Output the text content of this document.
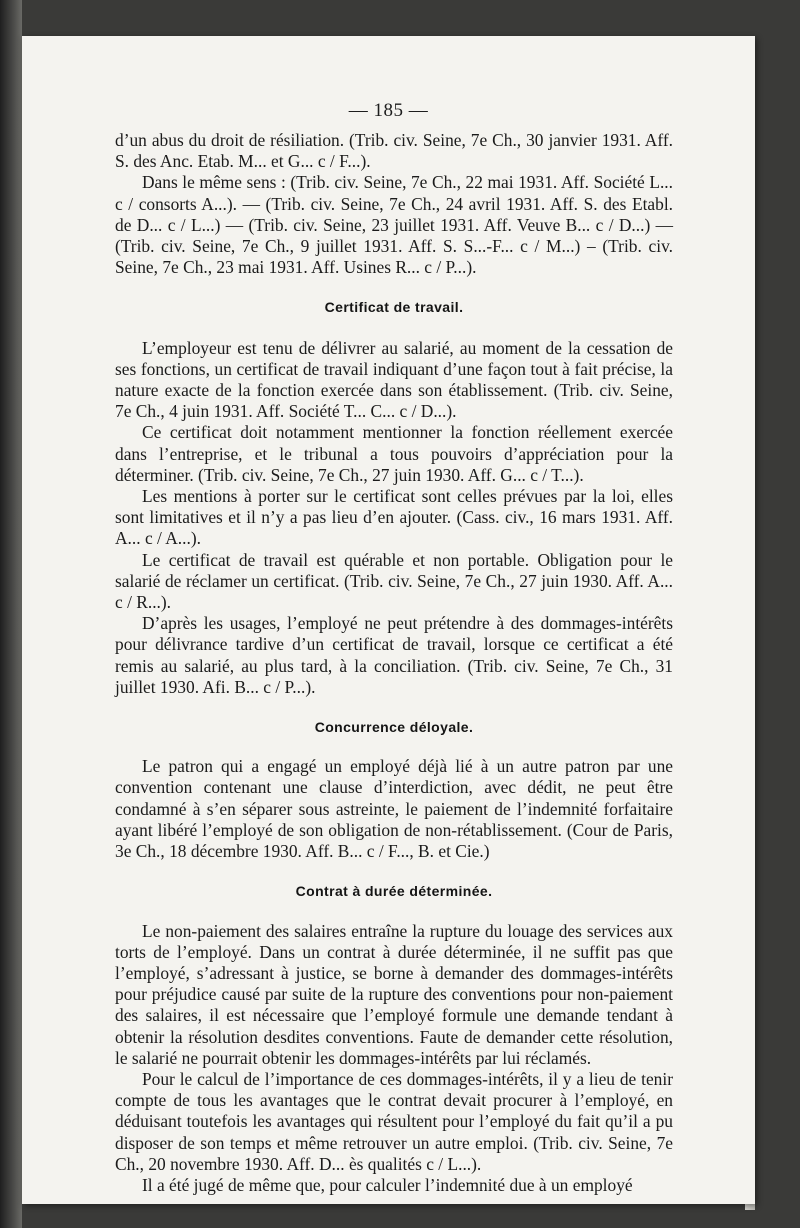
— 185 —

d’un abus du droit de résiliation. (Trib. civ. Seine, 7e Ch., 30 janvier 1931. Aff. S. des Anc. Etab. M... et G... c / F...).

Dans le même sens : (Trib. civ. Seine, 7e Ch., 22 mai 1931. Aff. Société L... c / consorts A...). — (Trib. civ. Seine, 7e Ch., 24 avril 1931. Aff. S. des Etabl. de D... c / L...) — (Trib. civ. Seine, 23 juillet 1931. Aff. Veuve B... c / D...) — (Trib. civ. Seine, 7e Ch., 9 juillet 1931. Aff. S. S...-F... c / M...) – (Trib. civ. Seine, 7e Ch., 23 mai 1931. Aff. Usines R... c / P...).

Certificat de travail.

L’employeur est tenu de délivrer au salarié, au moment de la cessation de ses fonctions, un certificat de travail indiquant d’une façon tout à fait précise, la nature exacte de la fonction exercée dans son établissement. (Trib. civ. Seine, 7e Ch., 4 juin 1931. Aff. Société T... C... c / D...).

Ce certificat doit notamment mentionner la fonction réellement exercée dans l’entreprise, et le tribunal a tous pouvoirs d’appréciation pour la déterminer. (Trib. civ. Seine, 7e Ch., 27 juin 1930. Aff. G... c / T...).

Les mentions à porter sur le certificat sont celles prévues par la loi, elles sont limitatives et il n’y a pas lieu d’en ajouter. (Cass. civ., 16 mars 1931. Aff. A... c / A...).

Le certificat de travail est quérable et non portable. Obligation pour le salarié de réclamer un certificat. (Trib. civ. Seine, 7e Ch., 27 juin 1930. Aff. A... c / R...).

D’après les usages, l’employé ne peut prétendre à des dommages-intérêts pour délivrance tardive d’un certificat de travail, lorsque ce certificat a été remis au salarié, au plus tard, à la conciliation. (Trib. civ. Seine, 7e Ch., 31 juillet 1930. Afi. B... c / P...).

Concurrence déloyale.

Le patron qui a engagé un employé déjà lié à un autre patron par une convention contenant une clause d’interdiction, avec dédit, ne peut être condamné à s’en séparer sous astreinte, le paiement de l’indemnité forfaitaire ayant libéré l’employé de son obligation de non-rétablissement. (Cour de Paris, 3e Ch., 18 décembre 1930. Aff. B... c / F..., B. et Cie.)

Contrat à durée déterminée.

Le non-paiement des salaires entraîne la rupture du louage des services aux torts de l’employé. Dans un contrat à durée déterminée, il ne suffit pas que l’employé, s’adressant à justice, se borne à demander des dommages-intérêts pour préjudice causé par suite de la rupture des conventions pour non-paiement des salaires, il est nécessaire que l’employé formule une demande tendant à obtenir la résolution desdites conventions. Faute de demander cette résolution, le salarié ne pourrait obtenir les dommages-intérêts par lui réclamés.

Pour le calcul de l’importance de ces dommages-intérêts, il y a lieu de tenir compte de tous les avantages que le contrat devait procurer à l’employé, en déduisant toutefois les avantages qui résultent pour l’employé du fait qu’il a pu disposer de son temps et même retrouver un autre emploi. (Trib. civ. Seine, 7e Ch., 20 novembre 1930. Aff. D... ès qualités c / L...).

Il a été jugé de même que, pour calculer l’indemnité due à un employé
